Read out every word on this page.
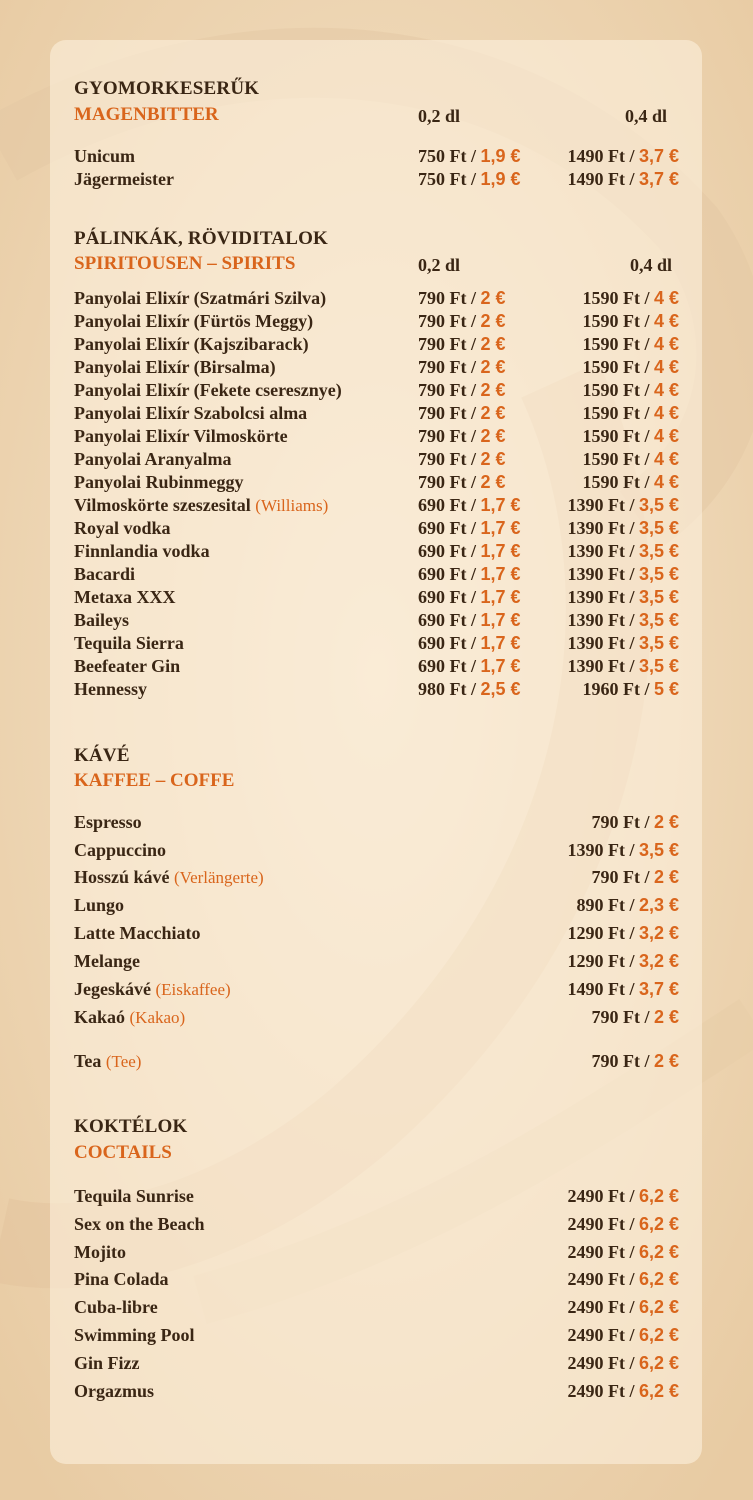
GYOMORKESERŰK
MAGENBITTER	0,2 dl	0,4 dl
Unicum	750 Ft / 1,9 €	1490 Ft / 3,7 €
Jägermeister	750 Ft / 1,9 €	1490 Ft / 3,7 €
PÁLINKÁK, RÖVIDITALOK
SPIRITOUSEN – SPIRITS	0,2 dl	0,4 dl
Panyolai Elixír (Szatmári Szilva)	790 Ft / 2 €	1590 Ft / 4 €
Panyolai Elixír (Fürtös Meggy)	790 Ft / 2 €	1590 Ft / 4 €
Panyolai Elixír (Kajszibarack)	790 Ft / 2 €	1590 Ft / 4 €
Panyolai Elixír (Birsalma)	790 Ft / 2 €	1590 Ft / 4 €
Panyolai Elixír (Fekete cseresznye)	790 Ft / 2 €	1590 Ft / 4 €
Panyolai Elixír Szabolcsi alma	790 Ft / 2 €	1590 Ft / 4 €
Panyolai Elixír Vilmoskörte	790 Ft / 2 €	1590 Ft / 4 €
Panyolai Aranyalma	790 Ft / 2 €	1590 Ft / 4 €
Panyolai Rubinmeggy	790 Ft / 2 €	1590 Ft / 4 €
Vilmoskörte szeszesital (Williams)	690 Ft / 1,7 €	1390 Ft / 3,5 €
Royal vodka	690 Ft / 1,7 €	1390 Ft / 3,5 €
Finnlandia vodka	690 Ft / 1,7 €	1390 Ft / 3,5 €
Bacardi	690 Ft / 1,7 €	1390 Ft / 3,5 €
Metaxa XXX	690 Ft / 1,7 €	1390 Ft / 3,5 €
Baileys	690 Ft / 1,7 €	1390 Ft / 3,5 €
Tequila Sierra	690 Ft / 1,7 €	1390 Ft / 3,5 €
Beefeater Gin	690 Ft / 1,7 €	1390 Ft / 3,5 €
Hennessy	980 Ft / 2,5 €	1960 Ft / 5 €
KÁVÉ
KAFFEE – COFFE
Espresso	790 Ft / 2 €
Cappuccino	1390 Ft / 3,5 €
Hosszú kávé (Verlängerte)	790 Ft / 2 €
Lungo	890 Ft / 2,3 €
Latte Macchiato	1290 Ft / 3,2 €
Melange	1290 Ft / 3,2 €
Jegeskávé (Eiskaffee)	1490 Ft / 3,7 €
Kakaó (Kakao)	790 Ft / 2 €
Tea (Tee)	790 Ft / 2 €
KOKTÉLOK
COCTAILS
Tequila Sunrise	2490 Ft / 6,2 €
Sex on the Beach	2490 Ft / 6,2 €
Mojito	2490 Ft / 6,2 €
Pina Colada	2490 Ft / 6,2 €
Cuba-libre	2490 Ft / 6,2 €
Swimming Pool	2490 Ft / 6,2 €
Gin Fizz	2490 Ft / 6,2 €
Orgazmus	2490 Ft / 6,2 €
